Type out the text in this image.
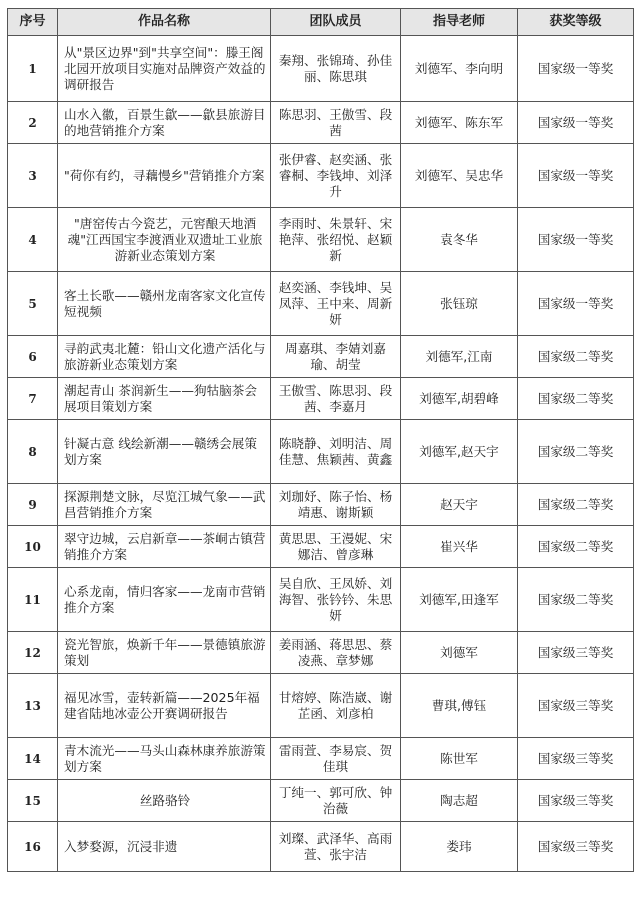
序号	作品名称	团队成员	指导老师	获奖等级
1	从"景区边界"到"共享空间"：滕王阁北园开放项目实施对品牌资产效益的调研报告	秦翔、张锦琦、孙佳丽、陈思琪	刘德军、李向明	国家级一等奖
2	山水入徽，百景生歙——歙县旅游目的地营销推介方案	陈思羽、王傲雪、段茜	刘德军、陈东军	国家级一等奖
3	"荷你有约，寻藕慢乡"营销推介方案	张伊睿、赵奕涵、张睿桐、李钱坤、刘泽升	刘德军、吴忠华	国家级一等奖
4	"唐窑传古今瓷艺，元窖酿天地酒魂"江西国宝李渡酒业双遗址工业旅游新业态策划方案	李雨时、朱景轩、宋艳萍、张绍悦、赵颖新	袁冬华	国家级一等奖
5	客土长歌——赣州龙南客家文化宣传短视频	赵奕涵、李钱坤、吴凤萍、王中来、周新妍	张钰琼	国家级一等奖
6	寻韵武夷北麓：铅山文化遗产活化与旅游新业态策划方案	周嘉琪、李婧刘嘉瑜、胡莹	刘德军,江南	国家级二等奖
7	潮起青山 茶润新生——狗牯脑茶会展项目策划方案	王傲雪、陈思羽、段茜、李嘉月	刘德军,胡碧峰	国家级二等奖
8	针凝古意 线绘新潮——赣绣会展策划方案	陈晓静、刘明洁、周佳慧、焦颖茜、黄鑫	刘德军,赵天宇	国家级二等奖
9	探源荆楚文脉，尽览江城气象——武昌营销推介方案	刘珈妤、陈子怡、杨靖惠、谢斯颖	赵天宇	国家级二等奖
10	翠守边城，云启新章——茶峒古镇营销推介方案	黄思思、王漫妮、宋娜洁、曾彦琳	崔兴华	国家级二等奖
11	心系龙南，情归客家——龙南市营销推介方案	吴自欣、王凤娇、刘海智、张钤钤、朱思妍	刘德军,田逢军	国家级二等奖
12	瓷光智旅，焕新千年——景德镇旅游策划	姜雨涵、蒋思思、蔡凌燕、章梦娜	刘德军	国家级三等奖
13	福见冰雪，壶转新篇——2025年福建省陆地冰壶公开赛调研报告	甘熔婷、陈浩崴、谢芷函、刘彦柏	曹琪,傅钰	国家级三等奖
14	青木流光——马头山森林康养旅游策划方案	雷雨萱、李易宸、贺佳琪	陈世军	国家级三等奖
15	丝路骆铃	丁纯一、郭可欣、钟治薇	陶志超	国家级三等奖
16	入梦婺源，沉浸非遗	刘璨、武泽华、高雨萱、张宇洁	娄玮	国家级三等奖
